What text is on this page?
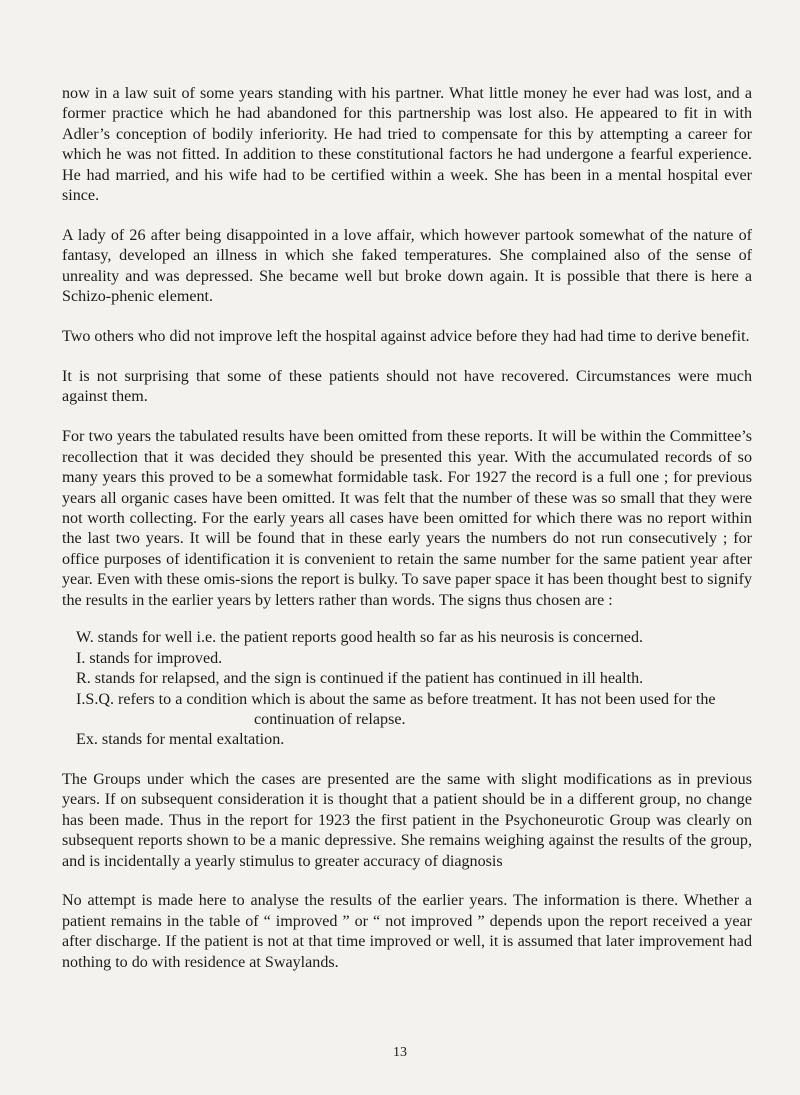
now in a law suit of some years standing with his partner. What little money he ever had was lost, and a former practice which he had abandoned for this partnership was lost also. He appeared to fit in with Adler’s conception of bodily inferiority. He had tried to compensate for this by attempting a career for which he was not fitted. In addition to these constitutional factors he had undergone a fearful experience. He had married, and his wife had to be certified within a week. She has been in a mental hospital ever since.

A lady of 26 after being disappointed in a love affair, which however partook somewhat of the nature of fantasy, developed an illness in which she faked temperatures. She complained also of the sense of unreality and was depressed. She became well but broke down again. It is possible that there is here a Schizo-phenic element.

Two others who did not improve left the hospital against advice before they had had time to derive benefit.

It is not surprising that some of these patients should not have recovered. Circumstances were much against them.

For two years the tabulated results have been omitted from these reports. It will be within the Committee’s recollection that it was decided they should be presented this year. With the accumulated records of so many years this proved to be a somewhat formidable task. For 1927 the record is a full one ; for previous years all organic cases have been omitted. It was felt that the number of these was so small that they were not worth collecting. For the early years all cases have been omitted for which there was no report within the last two years. It will be found that in these early years the numbers do not run consecutively ; for office purposes of identification it is convenient to retain the same number for the same patient year after year. Even with these omis-sions the report is bulky. To save paper space it has been thought best to signify the results in the earlier years by letters rather than words. The signs thus chosen are :

W. stands for well i.e. the patient reports good health so far as his neurosis is concerned.
I. stands for improved.
R. stands for relapsed, and the sign is continued if the patient has continued in ill health.
I.S.Q. refers to a condition which is about the same as before treatment. It has not been used for the continuation of relapse.
Ex. stands for mental exaltation.

The Groups under which the cases are presented are the same with slight modifications as in previous years. If on subsequent consideration it is thought that a patient should be in a different group, no change has been made. Thus in the report for 1923 the first patient in the Psychoneurotic Group was clearly on subsequent reports shown to be a manic depressive. She remains weighing against the results of the group, and is incidentally a yearly stimulus to greater accuracy of diagnosis

No attempt is made here to analyse the results of the earlier years. The information is there. Whether a patient remains in the table of “ improved ” or “ not improved ” depends upon the report received a year after discharge. If the patient is not at that time improved or well, it is assumed that later improvement had nothing to do with residence at Swaylands.

13
